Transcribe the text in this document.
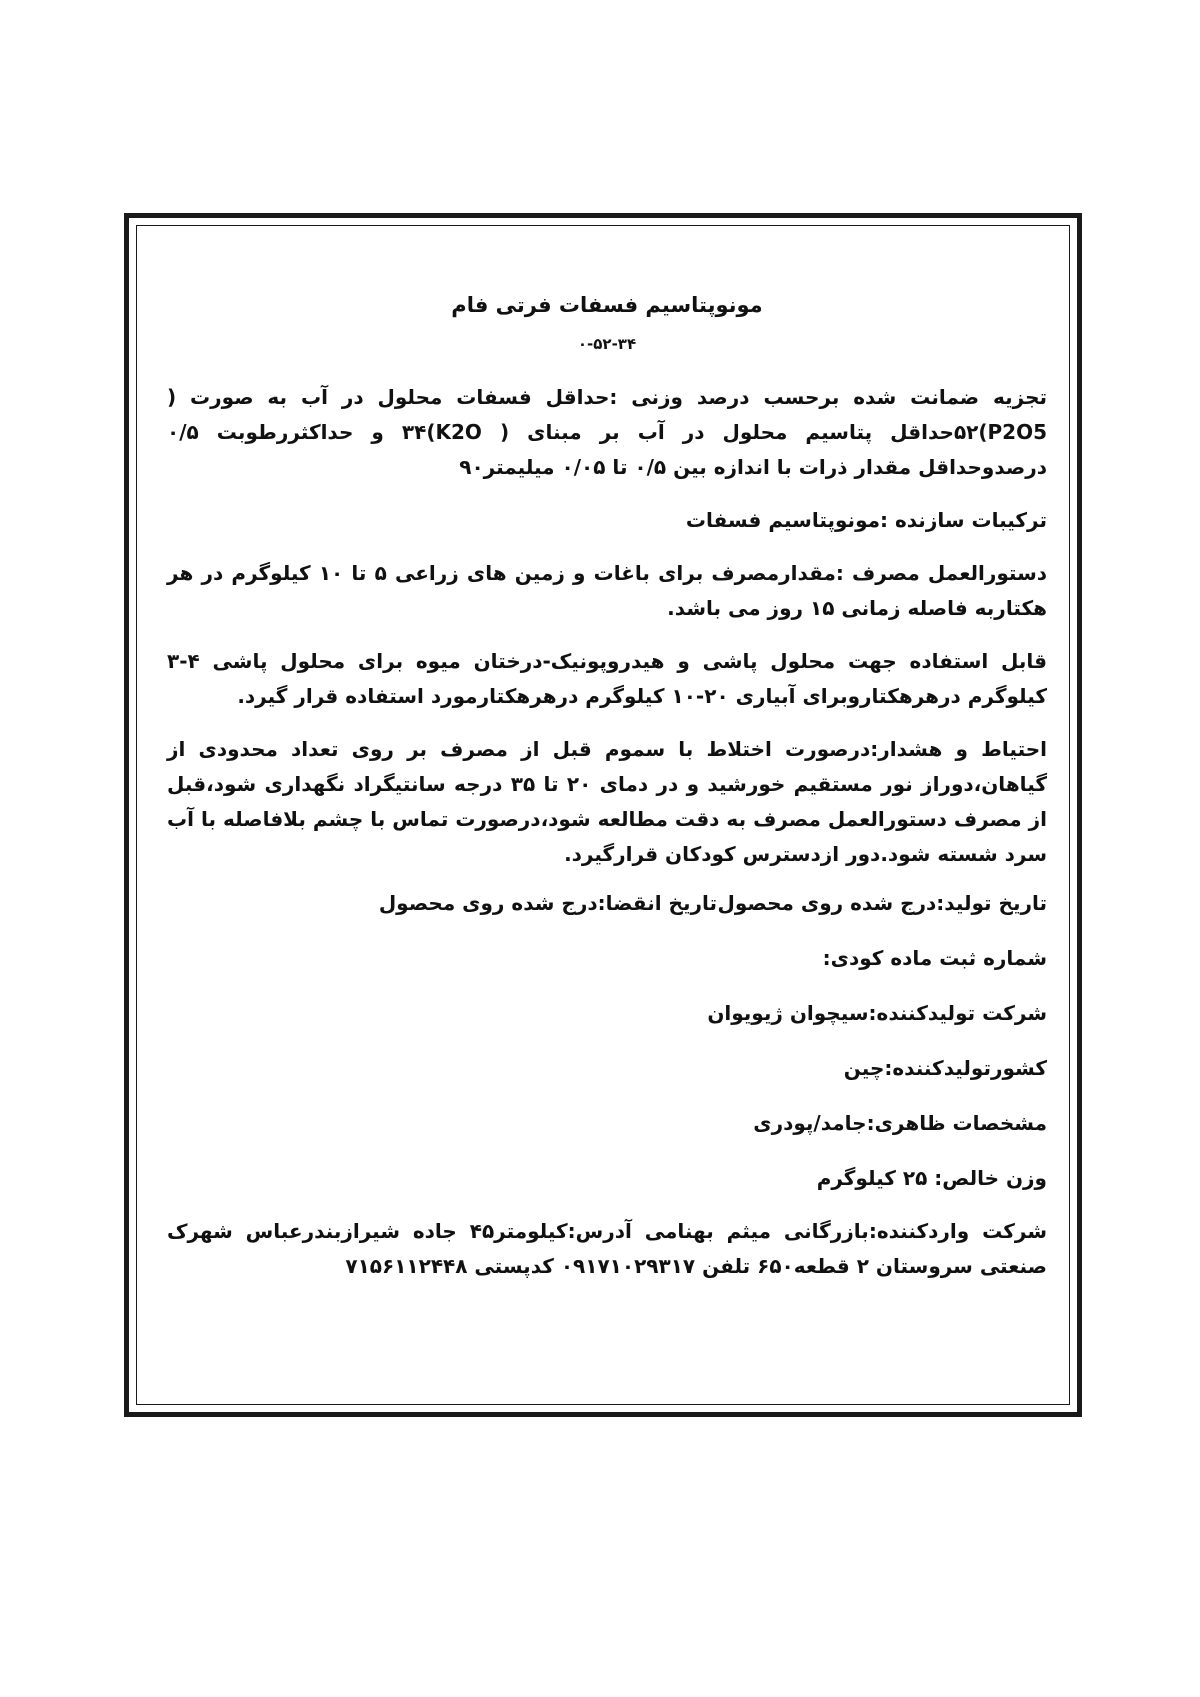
مونوپتاسیم فسفات فرتی فام
۰-۵۲-۳۴

تجزیه ضمانت شده برحسب درصد وزنی :حداقل فسفات محلول در آب به صورت ( P2O5)۵۲حداقل پتاسیم محلول در آب بر مبنای ( K2O)۳۴ و حداکثررطوبت ۰/۵ درصدوحداقل مقدار ذرات با اندازه بین ۰/۵ تا ۰/۰۵ میلیمتر۹۰

ترکیبات سازنده :مونوپتاسیم فسفات

دستورالعمل مصرف :مقدارمصرف برای باغات و زمین های زراعی ۵ تا ۱۰ کیلوگرم در هر هکتاربه فاصله زمانی ۱۵ روز می باشد.

قابل استفاده جهت محلول پاشی و هیدروپونیک-درختان میوه برای محلول پاشی ۴-۳ کیلوگرم درهرهکتاروبرای آبیاری ۲۰-۱۰ کیلوگرم درهرهکتارمورد استفاده قرار گیرد.

احتیاط و هشدار:درصورت اختلاط با سموم قبل از مصرف بر روی تعداد محدودی از گیاهان،دوراز نور مستقیم خورشید و در دمای ۲۰ تا ۳۵ درجه سانتیگراد نگهداری شود،قبل از مصرف دستورالعمل مصرف به دقت مطالعه شود،درصورت تماس با چشم بلافاصله با آب سرد شسته شود.دور ازدسترس کودکان قرارگیرد.

تاریخ تولید:درج شده روی محصول
تاریخ انقضا:درج شده روی محصول

شماره ثبت ماده کودی:

شرکت تولیدکننده:سیچوان ژیویوان

کشورتولیدکننده:چین

مشخصات ظاهری:جامد/پودری

وزن خالص: ۲۵ کیلوگرم

شرکت واردکننده:بازرگانی میثم بهنامی آدرس:کیلومتر۴۵ جاده شیرازبندرعباس شهرک صنعتی سروستان ۲ قطعه۶۵۰ تلفن ۰۹۱۷۱۰۲۹۳۱۷ کدپستی ۷۱۵۶۱۱۲۴۴۸
